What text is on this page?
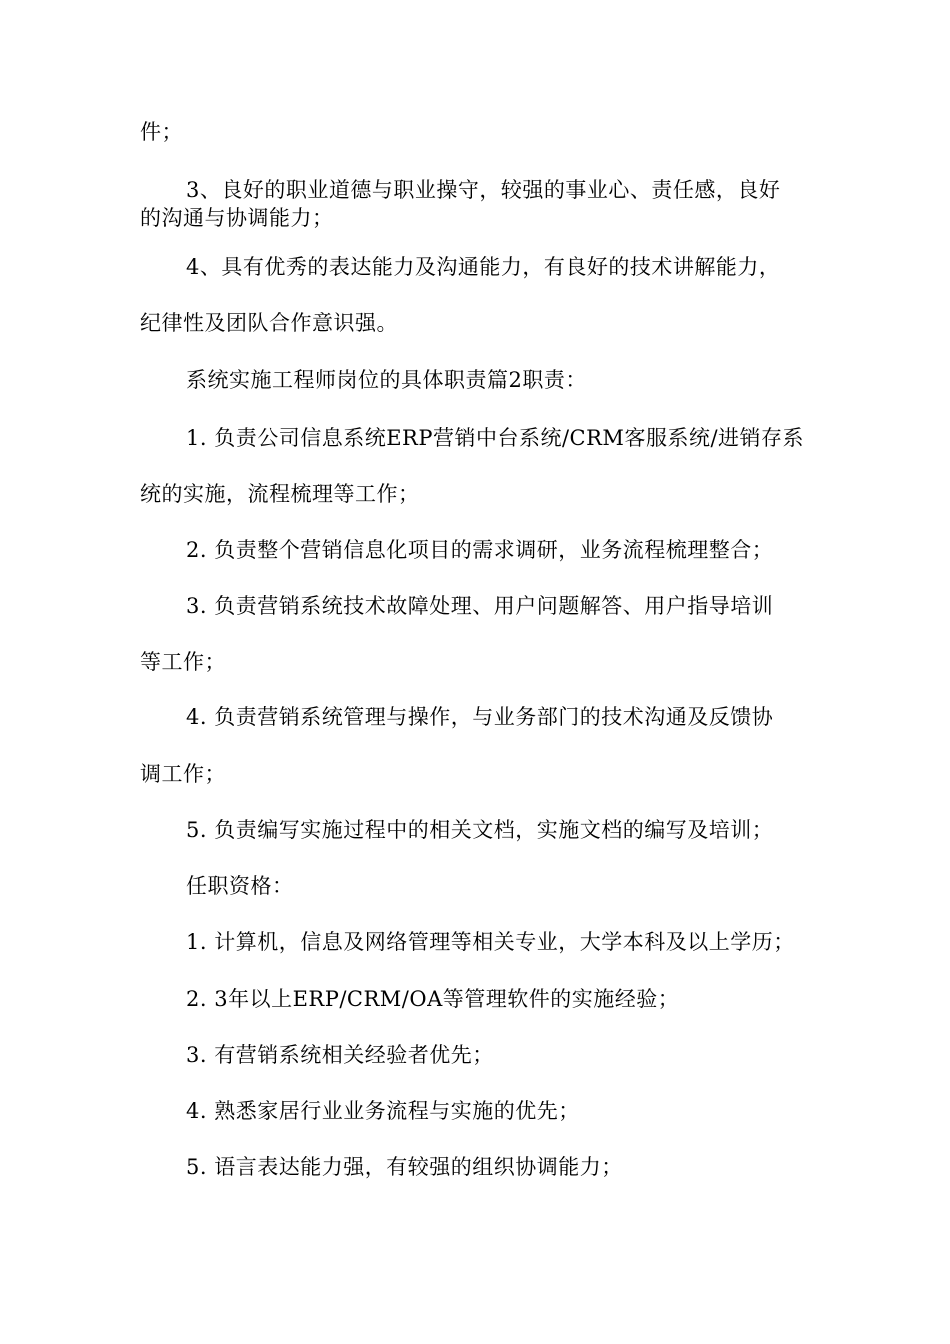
件；
3、良好的职业道德与职业操守，较强的事业心、责任感，良好
的沟通与协调能力；
4、具有优秀的表达能力及沟通能力，有良好的技术讲解能力，
纪律性及团队合作意识强。
系统实施工程师岗位的具体职责篇2职责：
1. 负责公司信息系统ERP营销中台系统/CRM客服系统/进销存系
统的实施，流程梳理等工作；
2. 负责整个营销信息化项目的需求调研，业务流程梳理整合；
3. 负责营销系统技术故障处理、用户问题解答、用户指导培训
等工作；
4. 负责营销系统管理与操作，与业务部门的技术沟通及反馈协
调工作；
5. 负责编写实施过程中的相关文档，实施文档的编写及培训；
任职资格：
1. 计算机，信息及网络管理等相关专业，大学本科及以上学历；
2. 3年以上ERP/CRM/OA等管理软件的实施经验；
3. 有营销系统相关经验者优先；
4. 熟悉家居行业业务流程与实施的优先；
5. 语言表达能力强，有较强的组织协调能力；
